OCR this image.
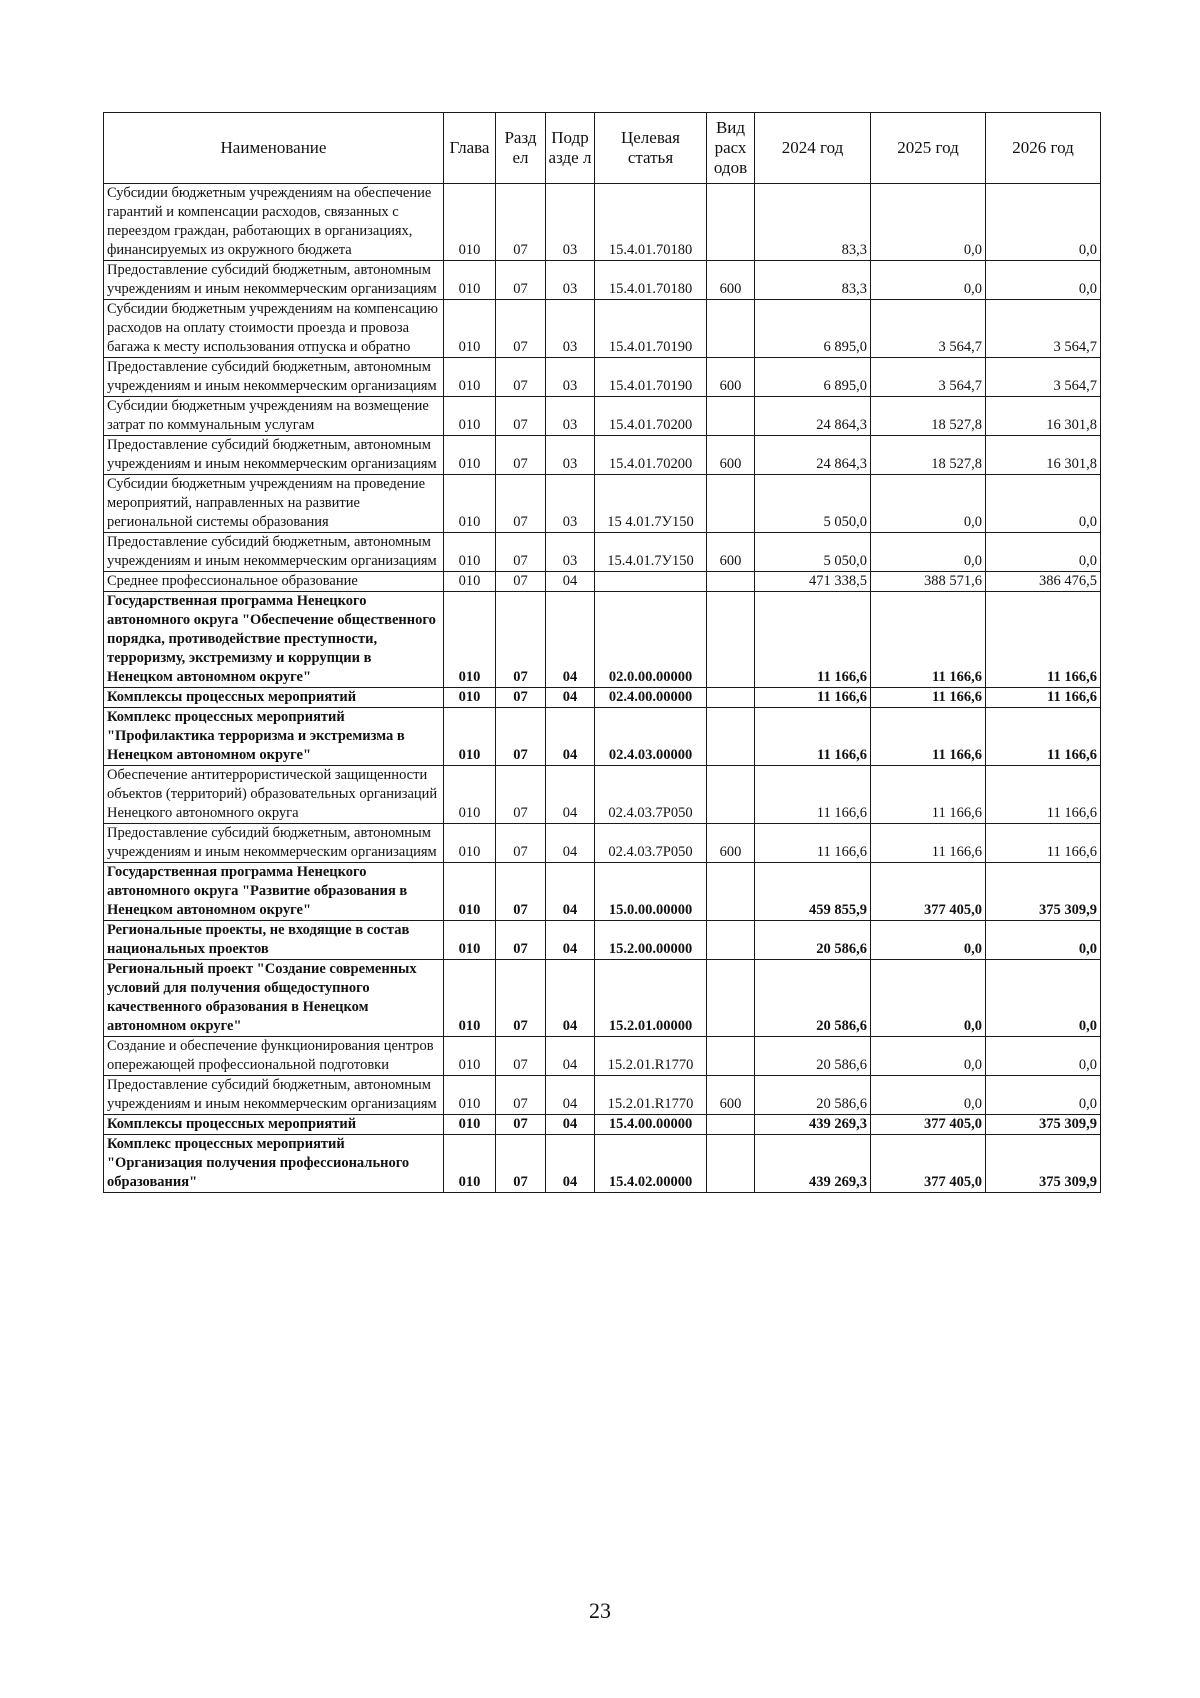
Наименование	Глава	Разд ел	Подр азде л	Целевая статья	Вид расх одов	2024 год	2025 год	2026 год
Субсидии бюджетным учреждениям на обеспечение гарантий и компенсации расходов, связанных с переездом граждан, работающих в организациях, финансируемых из окружного бюджета	010	07	03	15.4.01.70180		83,3	0,0	0,0
Предоставление субсидий бюджетным, автономным учреждениям и иным некоммерческим организациям	010	07	03	15.4.01.70180	600	83,3	0,0	0,0
Субсидии бюджетным учреждениям на компенсацию расходов на оплату стоимости проезда и провоза багажа к месту использования отпуска и обратно	010	07	03	15.4.01.70190		6 895,0	3 564,7	3 564,7
Предоставление субсидий бюджетным, автономным учреждениям и иным некоммерческим организациям	010	07	03	15.4.01.70190	600	6 895,0	3 564,7	3 564,7
Субсидии бюджетным учреждениям на возмещение затрат по коммунальным услугам	010	07	03	15.4.01.70200		24 864,3	18 527,8	16 301,8
Предоставление субсидий бюджетным, автономным учреждениям и иным некоммерческим организациям	010	07	03	15.4.01.70200	600	24 864,3	18 527,8	16 301,8
Субсидии бюджетным учреждениям на проведение мероприятий, направленных на развитие региональной системы образования	010	07	03	15 4.01.7У150		5 050,0	0,0	0,0
Предоставление субсидий бюджетным, автономным учреждениям и иным некоммерческим организациям	010	07	03	15.4.01.7У150	600	5 050,0	0,0	0,0
Среднее профессиональное образование	010	07	04			471 338,5	388 571,6	386 476,5
Государственная программа Ненецкого автономного округа "Обеспечение общественного порядка, противодействие преступности, терроризму, экстремизму и коррупции в Ненецком автономном округе"	010	07	04	02.0.00.00000		11 166,6	11 166,6	11 166,6
Комплексы процессных мероприятий	010	07	04	02.4.00.00000		11 166,6	11 166,6	11 166,6
Комплекс процессных мероприятий "Профилактика терроризма и экстремизма в Ненецком автономном округе"	010	07	04	02.4.03.00000		11 166,6	11 166,6	11 166,6
Обеспечение антитеррористической защищенности объектов (территорий) образовательных организаций Ненецкого автономного округа	010	07	04	02.4.03.7Р050		11 166,6	11 166,6	11 166,6
Предоставление субсидий бюджетным, автономным учреждениям и иным некоммерческим организациям	010	07	04	02.4.03.7Р050	600	11 166,6	11 166,6	11 166,6
Государственная программа Ненецкого автономного округа "Развитие образования в Ненецком автономном округе"	010	07	04	15.0.00.00000		459 855,9	377 405,0	375 309,9
Региональные проекты, не входящие в состав национальных проектов	010	07	04	15.2.00.00000		20 586,6	0,0	0,0
Региональный проект "Создание современных условий для получения общедоступного качественного образования в Ненецком автономном округе"	010	07	04	15.2.01.00000		20 586,6	0,0	0,0
Создание и обеспечение функционирования центров опережающей профессиональной подготовки	010	07	04	15.2.01.R1770		20 586,6	0,0	0,0
Предоставление субсидий бюджетным, автономным учреждениям и иным некоммерческим организациям	010	07	04	15.2.01.R1770	600	20 586,6	0,0	0,0
Комплексы процессных мероприятий	010	07	04	15.4.00.00000		439 269,3	377 405,0	375 309,9
Комплекс процессных мероприятий "Организация получения профессионального образования"	010	07	04	15.4.02.00000		439 269,3	377 405,0	375 309,9
23
